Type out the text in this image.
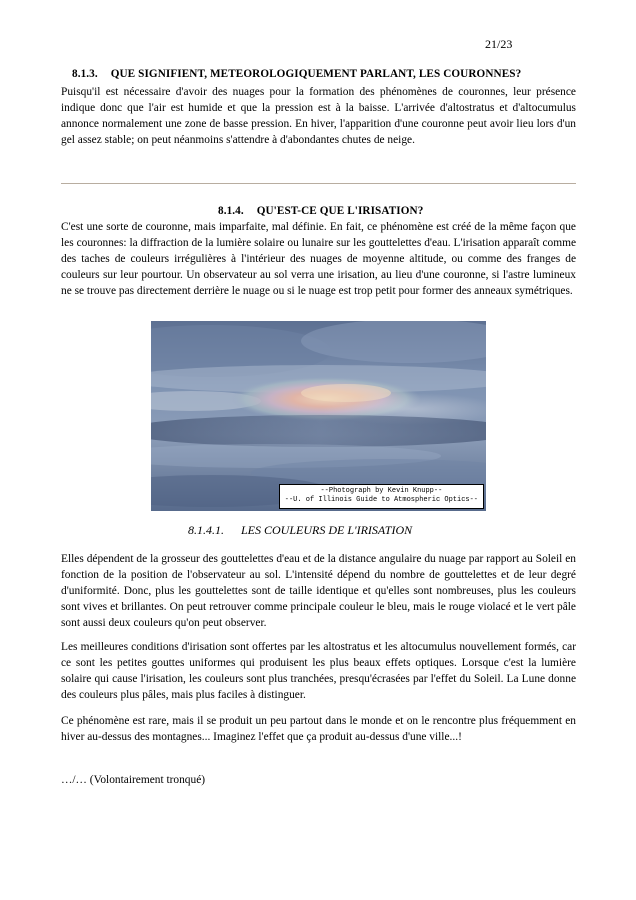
21/23
8.1.3. QUE SIGNIFIENT, METEOROLOGIQUEMENT PARLANT, LES COURONNES?

Puisqu'il est nécessaire d'avoir des nuages pour la formation des phénomènes de couronnes, leur présence indique donc que l'air est humide et que la pression est à la baisse. L'arrivée d'altostratus et d'altocumulus annonce normalement une zone de basse pression. En hiver, l'apparition d'une couronne peut avoir lieu lors d'un gel assez stable; on peut néanmoins s'attendre à d'abondantes chutes de neige.

8.1.4. QU'EST-CE QUE L'IRISATION?

C'est une sorte de couronne, mais imparfaite, mal définie. En fait, ce phénomène est créé de la même façon que les couronnes: la diffraction de la lumière solaire ou lunaire sur les gouttelettes d'eau. L'irisation apparaît comme des taches de couleurs irrégulières à l'intérieur des nuages de moyenne altitude, ou comme des franges de couleurs sur leur pourtour. Un observateur au sol verra une irisation, au lieu d'une couronne, si l'astre lumineux ne se trouve pas directement derrière le nuage ou si le nuage est trop petit pour former des anneaux symétriques.

--Photograph by Kevin Knupp--
--U. of Illinois Guide to Atmospheric Optics--
8.1.4.1. LES COULEURS DE L'IRISATION

Elles dépendent de la grosseur des gouttelettes d'eau et de la distance angulaire du nuage par rapport au Soleil en fonction de la position de l'observateur au sol. L'intensité dépend du nombre de gouttelettes et de leur degré d'uniformité. Donc, plus les gouttelettes sont de taille identique et qu'elles sont nombreuses, plus les couleurs sont vives et brillantes. On peut retrouver comme principale couleur le bleu, mais le rouge violacé et le vert pâle sont aussi deux couleurs qu'on peut observer.

Les meilleures conditions d'irisation sont offertes par les altostratus et les altocumulus nouvellement formés, car ce sont les petites gouttes uniformes qui produisent les plus beaux effets optiques. Lorsque c'est la lumière solaire qui cause l'irisation, les couleurs sont plus tranchées, presqu'écrasées par l'effet du Soleil. La Lune donne des couleurs plus pâles, mais plus faciles à distinguer.

Ce phénomène est rare, mais il se produit un peu partout dans le monde et on le rencontre plus fréquemment en hiver au-dessus des montagnes... Imaginez l'effet que ça produit au-dessus d'une ville...!

…/… (Volontairement tronqué)
